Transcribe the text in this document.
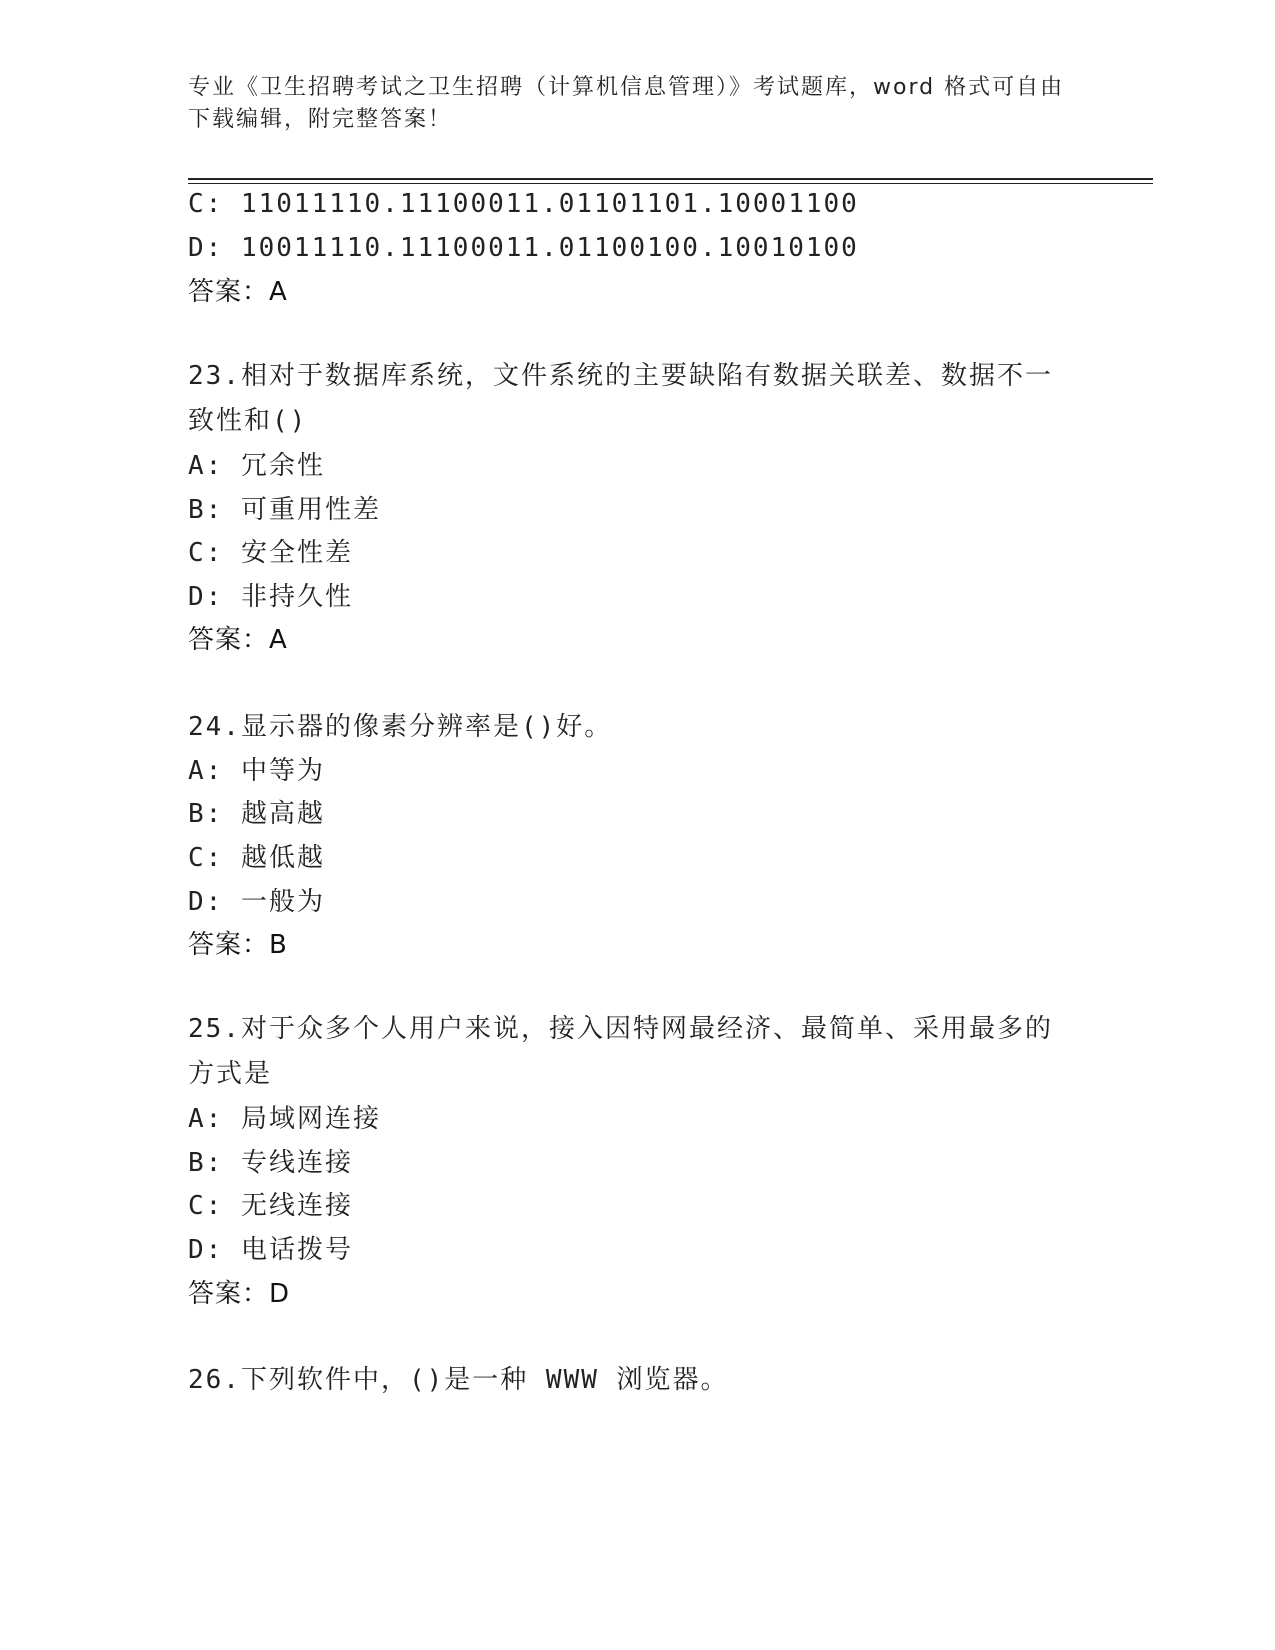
专业《卫生招聘考试之卫生招聘（计算机信息管理）》考试题库，word 格式可自由下载编辑，附完整答案！
C: 11011110.11100011.01101101.10001100
D: 10011110.11100011.01100100.10010100
答案：A
23.相对于数据库系统，文件系统的主要缺陷有数据关联差、数据不一致性和()
A: 冗余性
B: 可重用性差
C: 安全性差
D: 非持久性
答案：A
24.显示器的像素分辨率是()好。
A: 中等为
B: 越高越
C: 越低越
D: 一般为
答案：B
25.对于众多个人用户来说，接入因特网最经济、最简单、采用最多的方式是
A: 局域网连接
B: 专线连接
C: 无线连接
D: 电话拨号
答案：D
26.下列软件中，()是一种 WWW 浏览器。
